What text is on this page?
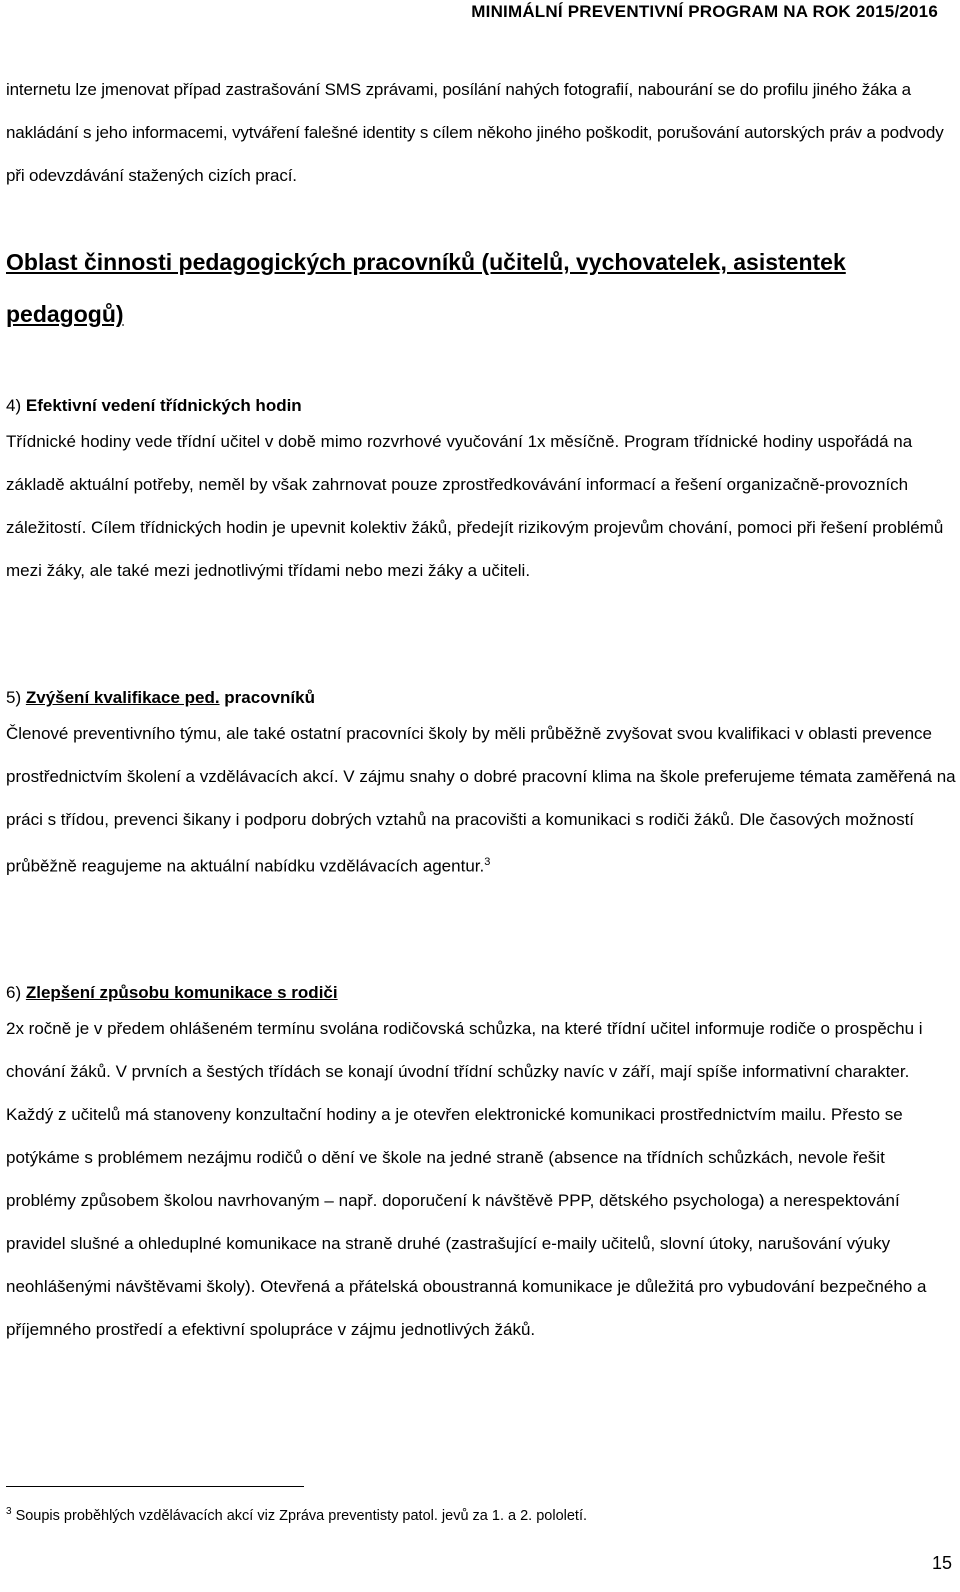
MINIMÁLNÍ PREVENTIVNÍ PROGRAM NA ROK 2015/2016

internetu lze jmenovat případ zastrašování SMS zprávami, posílání nahých fotografií, nabourání se do profilu jiného žáka a nakládání s jeho informacemi, vytváření falešné identity s cílem někoho jiného poškodit, porušování autorských práv a podvody při odevzdávání stažených cizích prací.

Oblast činnosti pedagogických pracovníků (učitelů, vychovatelek, asistentek pedagogů)

4) Efektivní vedení třídnických hodin

Třídnické hodiny vede třídní učitel v době mimo rozvrhové vyučování 1x měsíčně. Program třídnické hodiny uspořádá na základě aktuální potřeby, neměl by však zahrnovat pouze zprostředkovávání informací a řešení organizačně-provozních záležitostí. Cílem třídnických hodin je upevnit kolektiv žáků, předejít rizikovým projevům chování, pomoci při řešení problémů mezi žáky, ale také mezi jednotlivými třídami nebo mezi žáky a učiteli.

5) Zvýšení kvalifikace ped. pracovníků

Členové preventivního týmu, ale také ostatní pracovníci školy by měli průběžně zvyšovat svou kvalifikaci v oblasti prevence prostřednictvím školení a vzdělávacích akcí. V zájmu snahy o dobré pracovní klima na škole preferujeme témata zaměřená na práci s třídou, prevenci šikany i podporu dobrých vztahů na pracovišti a komunikaci s rodiči žáků. Dle časových možností průběžně reagujeme na aktuální nabídku vzdělávacích agentur.$^3$

6) Zlepšení způsobu komunikace s rodiči

2x ročně je v předem ohlášeném termínu svolána rodičovská schůzka, na které třídní učitel informuje rodiče o prospěchu i chování žáků. V prvních a šestých třídách se konají úvodní třídní schůzky navíc v září, mají spíše informativní charakter. Každý z učitelů má stanoveny konzultační hodiny a je otevřen elektronické komunikaci prostřednictvím mailu. Přesto se potýkáme s problémem nezájmu rodičů o dění ve škole na jedné straně (absence na třídních schůzkách, nevole řešit problémy způsobem školou navrhovaným – např. doporučení k návštěvě PPP, dětského psychologa) a nerespektování pravidel slušné a ohleduplné komunikace na straně druhé (zastrašující e-maily učitelů, slovní útoky, narušování výuky neohlášenými návštěvami školy). Otevřená a přátelská oboustranná komunikace je důležitá pro vybudování bezpečného a příjemného prostředí a efektivní spolupráce v zájmu jednotlivých žáků.

$^3$ Soupis proběhlých vzdělávacích akcí viz Zpráva preventisty patol. jevů za 1. a 2. pololetí.

15
